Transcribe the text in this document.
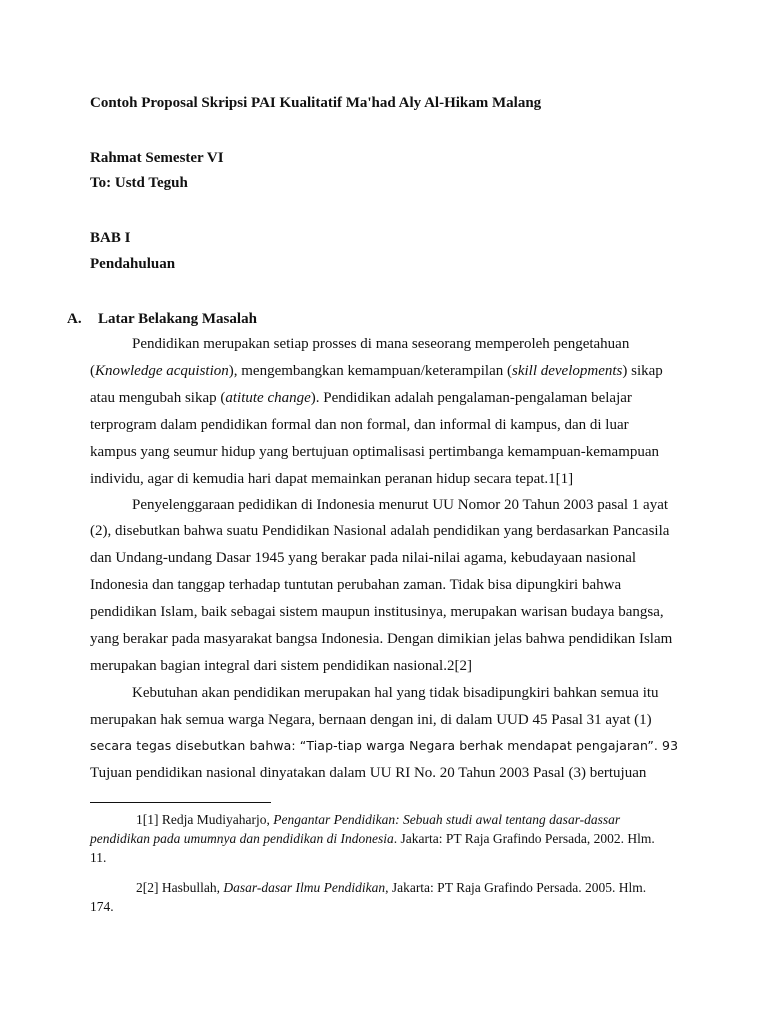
Contoh Proposal Skripsi PAI Kualitatif Ma'had Aly Al-Hikam Malang
Rahmat Semester VI
To: Ustd Teguh
BAB I
Pendahuluan
A. Latar Belakang Masalah
Pendidikan merupakan setiap prosses di mana seseorang memperoleh pengetahuan
(Knowledge acquistion), mengembangkan kemampuan/keterampilan (skill developments) sikap
atau mengubah sikap (atitute change). Pendidikan adalah pengalaman-pengalaman belajar
terprogram dalam pendidikan formal dan non formal, dan informal di kampus, dan di luar
kampus yang seumur hidup yang bertujuan optimalisasi pertimbanga kemampuan-kemampuan
individu, agar di kemudia hari dapat memainkan peranan hidup secara tepat.1[1]
Penyelenggaraan pedidikan di Indonesia menurut UU Nomor 20 Tahun 2003 pasal 1 ayat
(2), disebutkan bahwa suatu Pendidikan Nasional adalah pendidikan yang berdasarkan Pancasila
dan Undang-undang Dasar 1945 yang berakar pada nilai-nilai agama, kebudayaan nasional
Indonesia dan tanggap terhadap tuntutan perubahan zaman. Tidak bisa dipungkiri bahwa
pendidikan Islam, baik sebagai sistem maupun institusinya, merupakan warisan budaya bangsa,
yang berakar pada masyarakat bangsa Indonesia. Dengan dimikian jelas bahwa pendidikan Islam
merupakan bagian integral dari sistem pendidikan nasional.2[2]
Kebutuhan akan pendidikan merupakan hal yang tidak bisadipungkiri bahkan semua itu
merupakan hak semua warga Negara, bernaan dengan ini, di dalam UUD 45 Pasal 31 ayat (1)
secara tegas disebutkan bahwa: “Tiap-tiap warga Negara berhak mendapat pengajaran”. 93
Tujuan pendidikan nasional dinyatakan dalam UU RI No. 20 Tahun 2003 Pasal (3) bertujuan
1[1] Redja Mudiyaharjo, Pengantar Pendidikan: Sebuah studi awal tentang dasar-dassar
pendidikan pada umumnya dan pendidikan di Indonesia. Jakarta: PT Raja Grafindo Persada, 2002. Hlm.
11.
2[2] Hasbullah, Dasar-dasar Ilmu Pendidikan, Jakarta: PT Raja Grafindo Persada. 2005. Hlm.
174.
